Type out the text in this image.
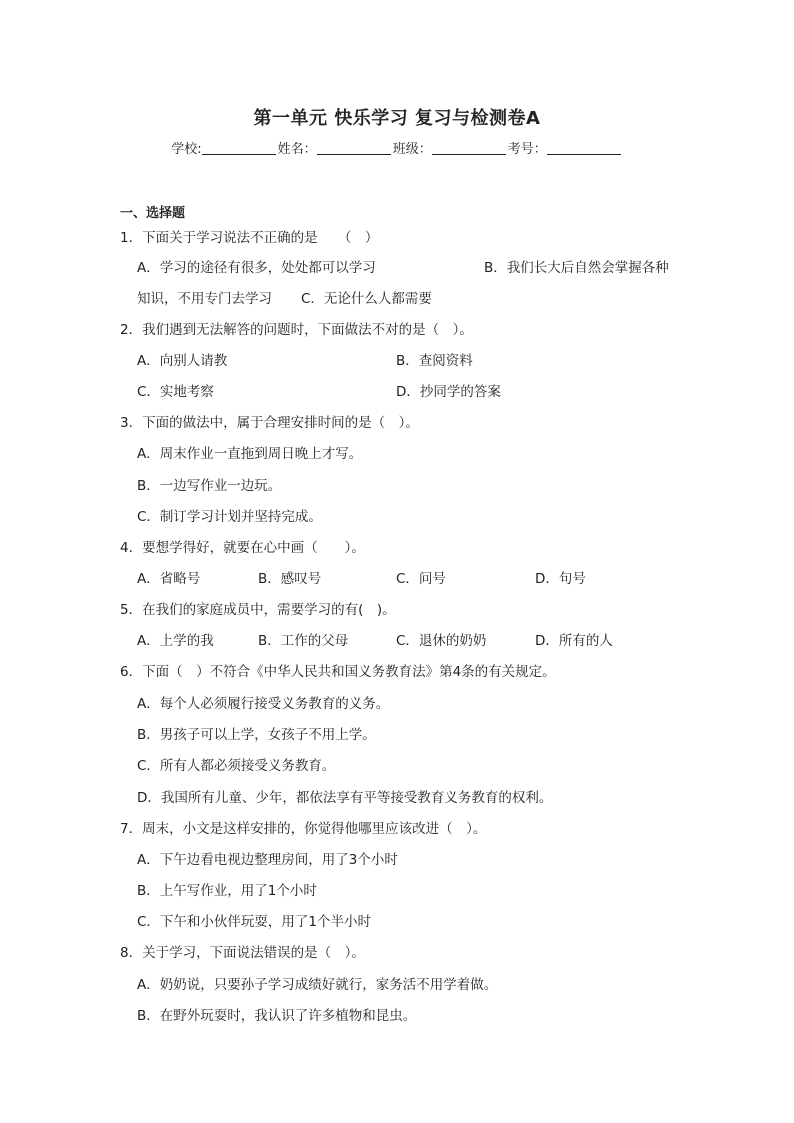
第一单元 快乐学习 复习与检测卷A
学校:	姓名：	班级：	考号：
一、选择题
1．下面关于学习说法不正确的是　　（　）
A．学习的途径有很多，处处都可以学习	B．我们长大后自然会掌握各种
知识，不用专门去学习 C．无论什么人都需要
2．我们遇到无法解答的问题时，下面做法不对的是（　）。
A．向别人请教	B．查阅资料
C．实地考察	D．抄同学的答案
3．下面的做法中，属于合理安排时间的是（　）。
A．周末作业一直拖到周日晚上才写。
B．一边写作业一边玩。
C．制订学习计划并坚持完成。
4．要想学得好，就要在心中画（　　）。
A．省略号	B．感叹号	C．问号	D．句号
5．在我们的家庭成员中，需要学习的有(　)。
A．上学的我	B．工作的父母	C．退休的奶奶	D．所有的人
6．下面（　）不符合《中华人民共和国义务教育法》第4条的有关规定。
A．每个人必须履行接受义务教育的义务。
B．男孩子可以上学，女孩子不用上学。
C．所有人都必须接受义务教育。
D．我国所有儿童、少年，都依法享有平等接受教育义务教育的权利。
7．周末，小文是这样安排的，你觉得他哪里应该改进（　）。
A．下午边看电视边整理房间，用了3个小时
B．上午写作业，用了1个小时
C．下午和小伙伴玩耍，用了1个半小时
8．关于学习，下面说法错误的是（　）。
A．奶奶说，只要孙子学习成绩好就行，家务活不用学着做。
B．在野外玩耍时，我认识了许多植物和昆虫。
